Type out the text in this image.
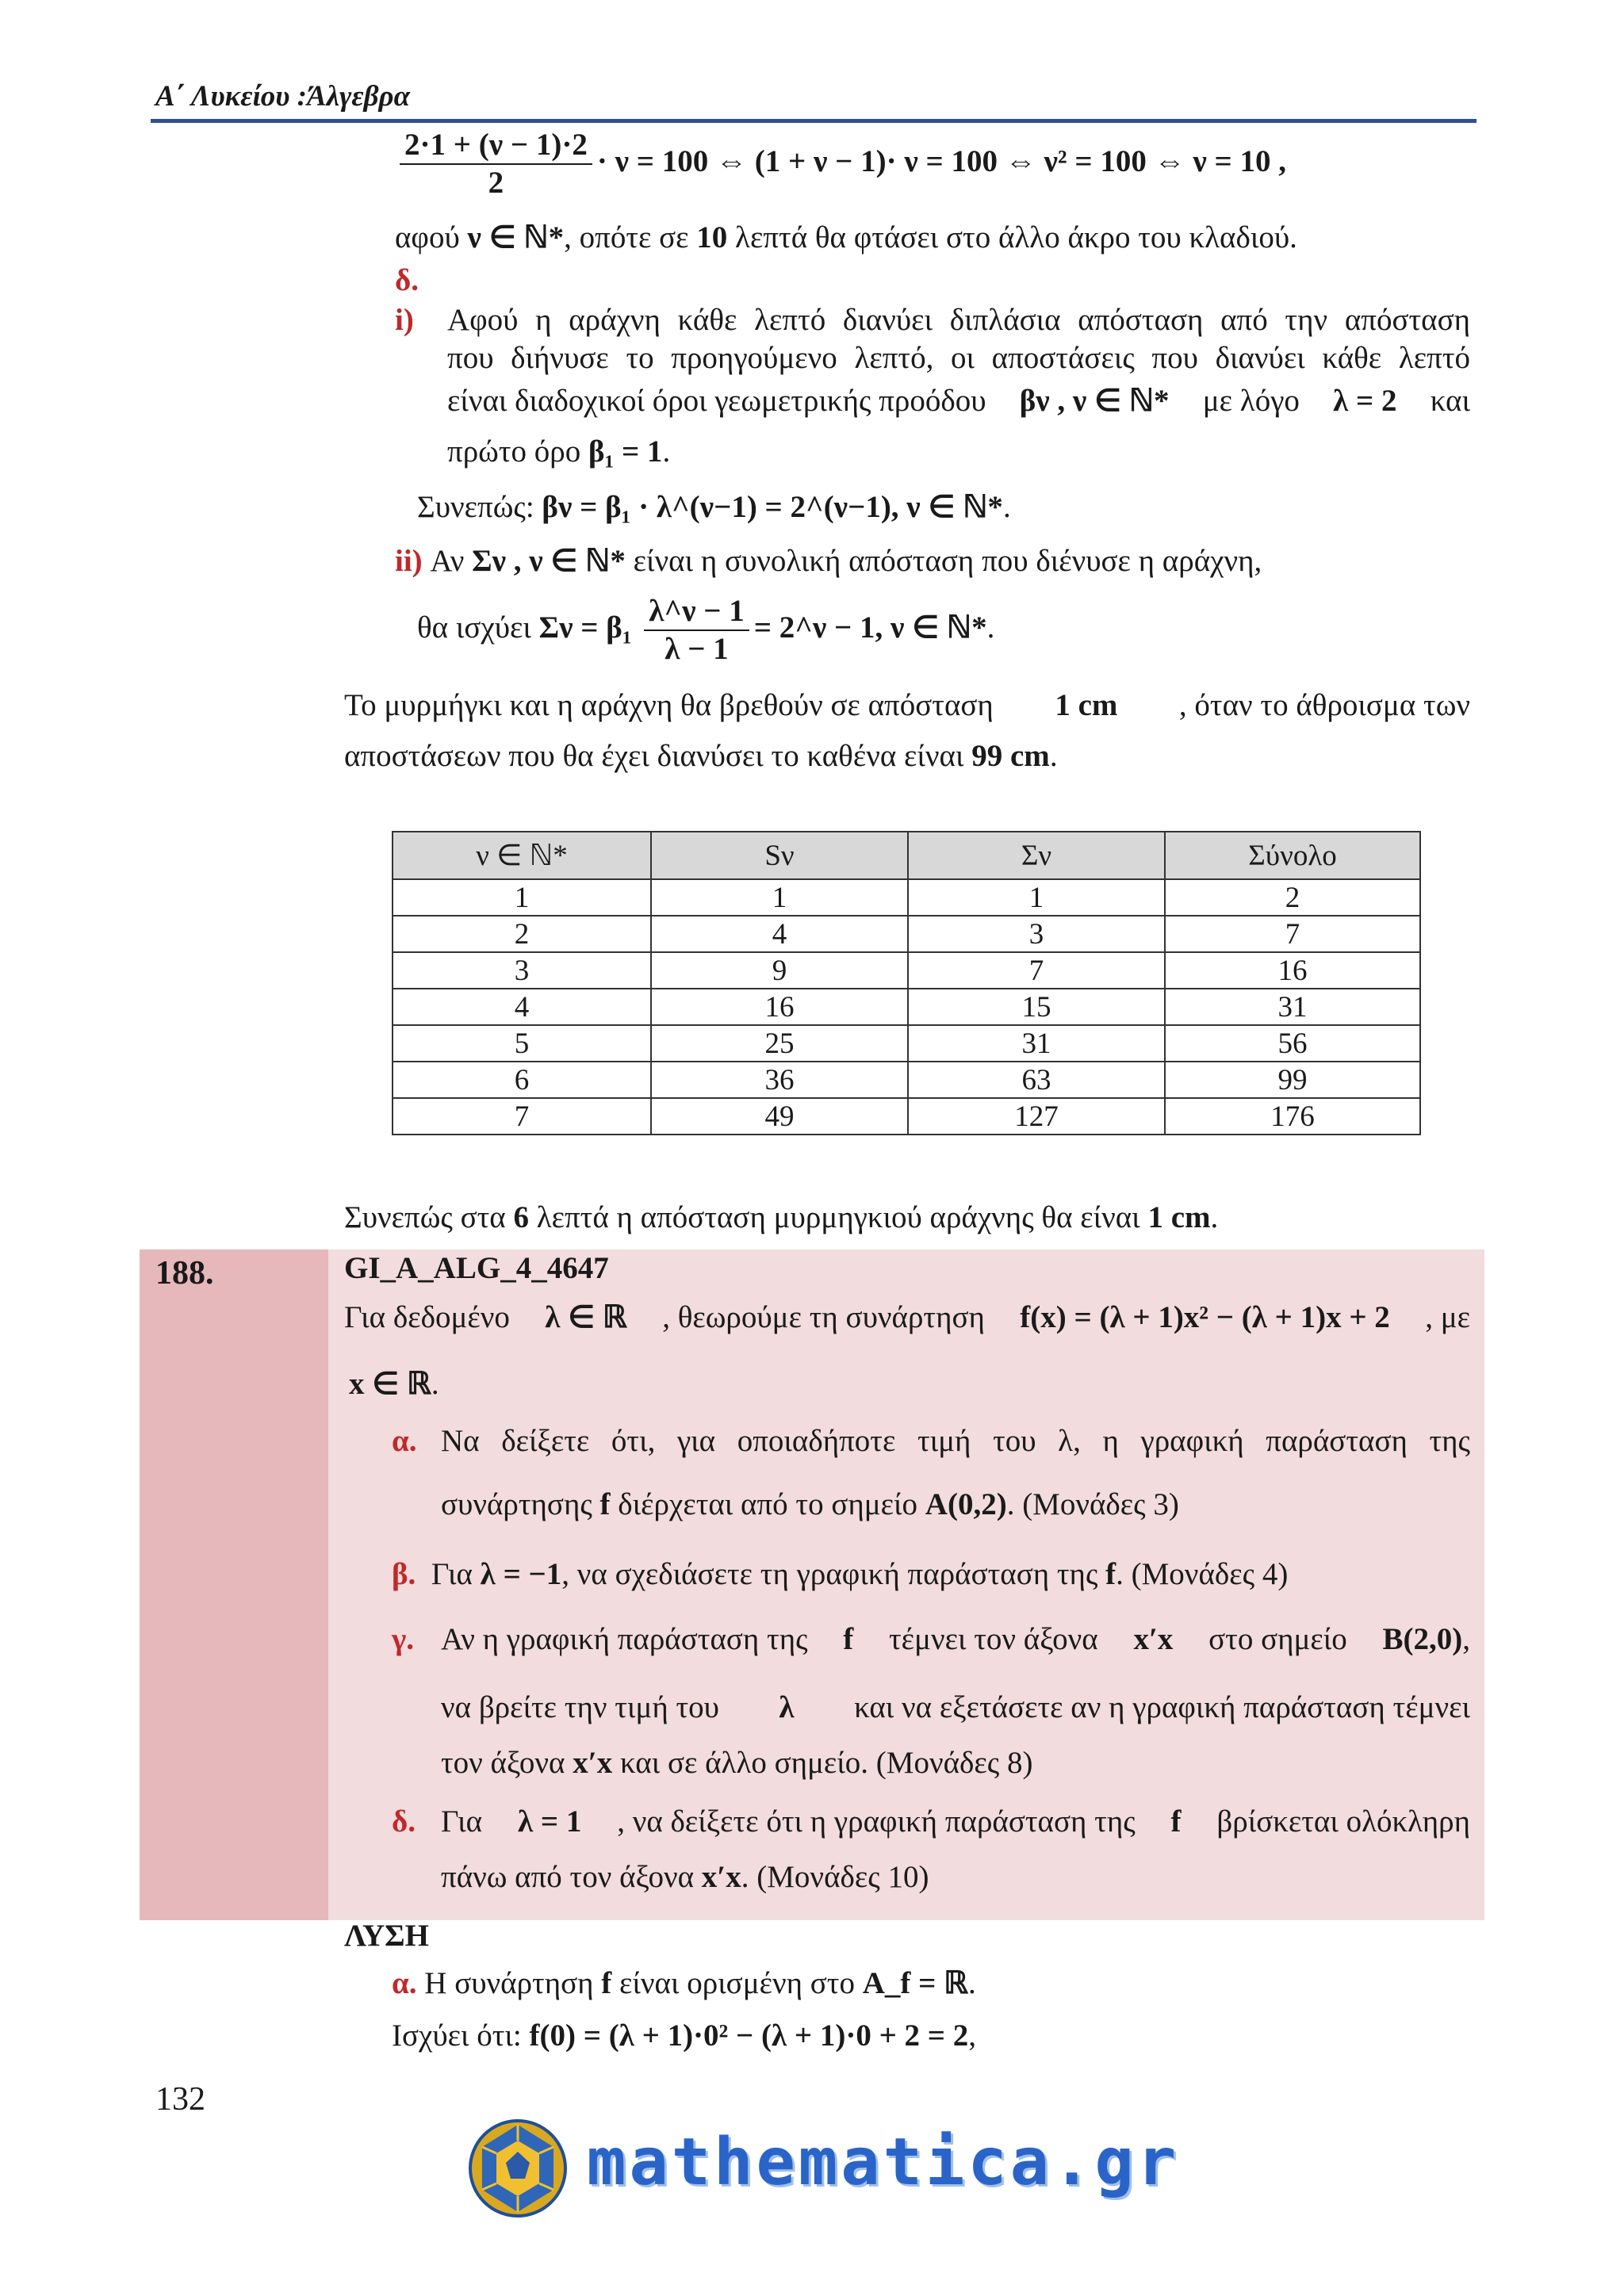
Α΄ Λυκείου :Άλγεβρα
$\frac{2\cdot 1 + (\nu - 1)\cdot 2}{2} \cdot \nu = 100$ ⇔ (1 + ν − 1)· ν = 100 ⇔ ν² = 100 ⇔ ν = 10 ,
αφού ν ∈ ℕ*, οπότε σε 10 λεπτά θα φτάσει στο άλλο άκρο του κλαδιού.
δ.
i) Αφού η αράχνη κάθε λεπτό διανύει διπλάσια απόσταση από την απόσταση
που διήνυσε το προηγούμενο λεπτό, οι αποστάσεις που διανύει κάθε λεπτό
είναι διαδοχικοί όροι γεωμετρικής προόδου βν , ν ∈ ℕ* με λόγο λ = 2 και
πρώτο όρο β₁ = 1.
Συνεπώς: βν = β₁ · λ^(ν−1) = 2^(ν−1), ν ∈ ℕ*.
ii) Αν Σν , ν ∈ ℕ* είναι η συνολική απόσταση που διένυσε η αράχνη,
θα ισχύει $\Sigma\nu = \beta_1 \frac{\lambda\^{}\nu - 1}{\lambda - 1}$ = 2^ν − 1, ν ∈ ℕ*.
Το μυρμήγκι και η αράχνη θα βρεθούν σε απόσταση 1 cm , όταν το άθροισμα των
αποστάσεων που θα έχει διανύσει το καθένα είναι 99 cm.
ν ∈ ℕ*	Sν	Σν	Σύνολο
1	1	1	2
2	4	3	7
3	9	7	16
4	16	15	31
5	25	31	56
6	36	63	99
7	49	127	176
Συνεπώς στα 6 λεπτά η απόσταση μυρμηγκιού αράχνης θα είναι 1 cm.
188.	GI_A_ALG_4_4647
Για δεδομένο λ ∈ ℝ , θεωρούμε τη συνάρτηση f(x) = (λ + 1)x² − (λ + 1)x + 2 , με
x ∈ ℝ.
α. Να δείξετε ότι, για οποιαδήποτε τιμή του λ, η γραφική παράσταση της
συνάρτησης f διέρχεται από το σημείο A(0,2). (Μονάδες 3)
β. Για λ = −1, να σχεδιάσετε τη γραφική παράσταση της f. (Μονάδες 4)
γ. Αν η γραφική παράσταση της f τέμνει τον άξονα x′x στο σημείο B(2,0),
να βρείτε την τιμή του λ και να εξετάσετε αν η γραφική παράσταση τέμνει
τον άξονα x′x και σε άλλο σημείο. (Μονάδες 8)
δ. Για λ = 1 , να δείξετε ότι η γραφική παράσταση της f βρίσκεται ολόκληρη
πάνω από τον άξονα x′x. (Μονάδες 10)
ΛΥΣΗ
α. Η συνάρτηση f είναι ορισμένη στο A_f = ℝ.
Ισχύει ότι: f(0) = (λ + 1)·0² − (λ + 1)·0 + 2 = 2,
132
mathematica.gr
